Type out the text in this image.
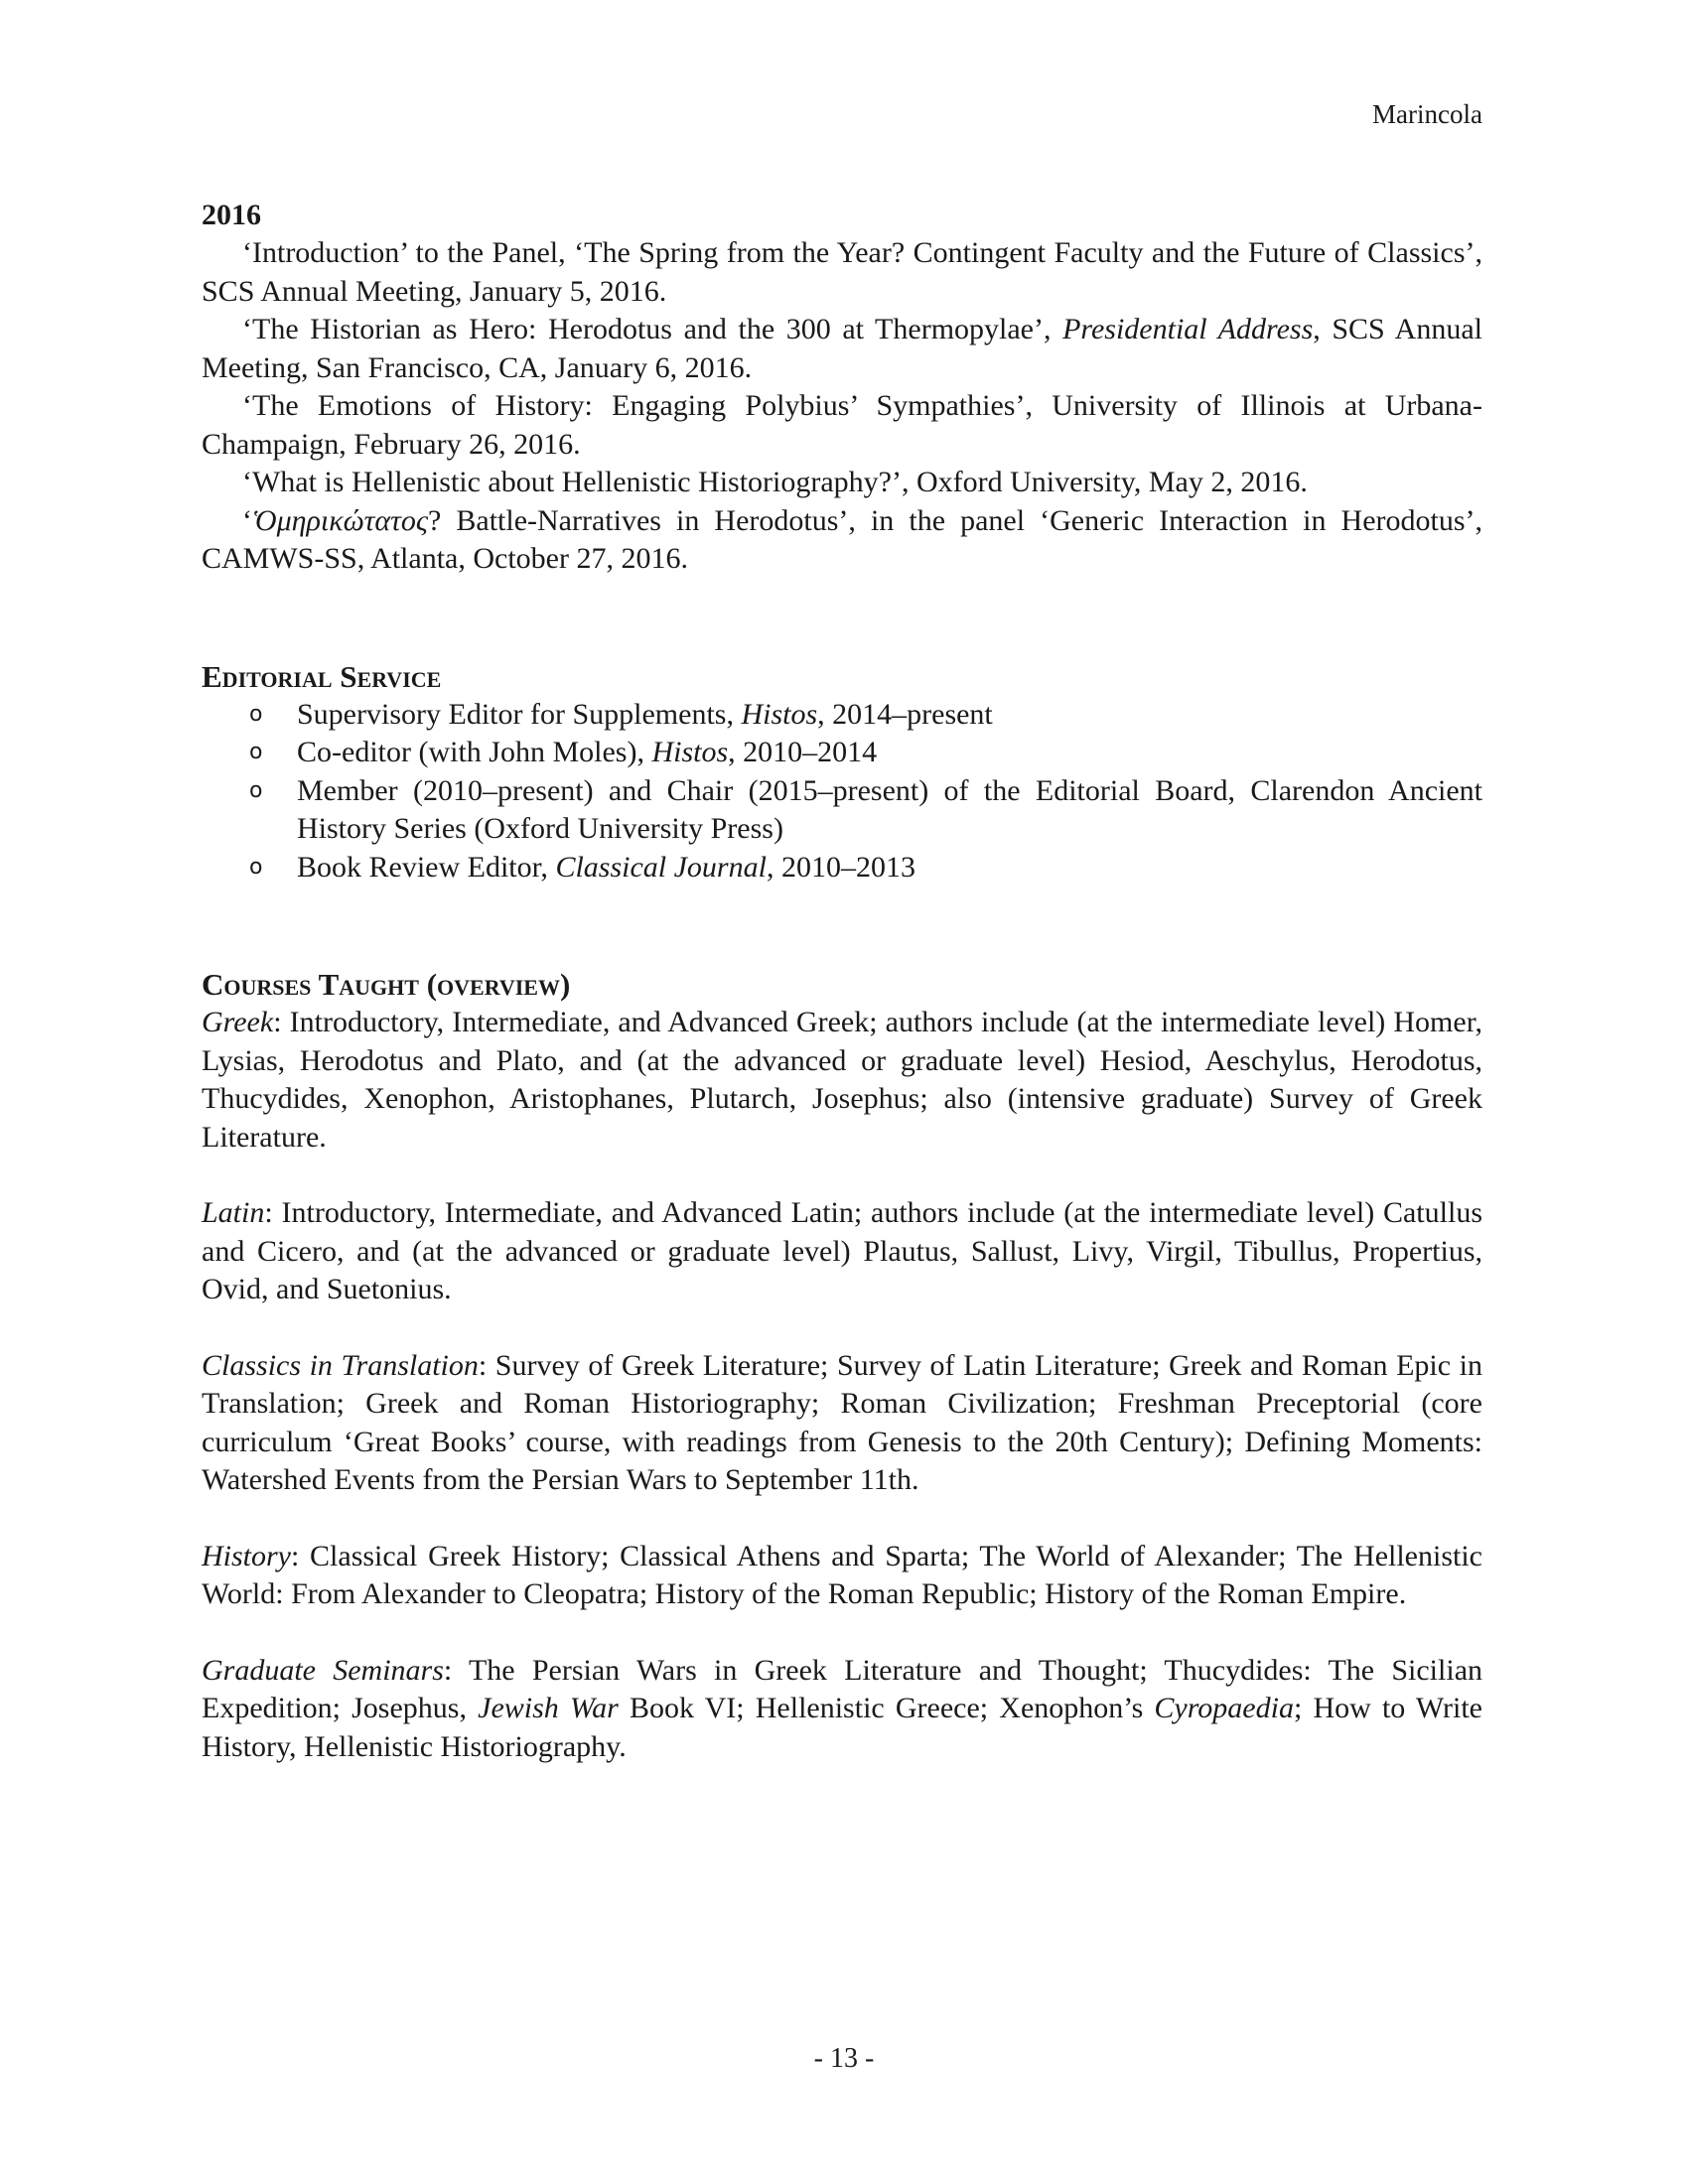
Marincola

2016

‘Introduction’ to the Panel, ‘The Spring from the Year? Contingent Faculty and the Future of Classics’, SCS Annual Meeting, January 5, 2016.

‘The Historian as Hero: Herodotus and the 300 at Thermopylae’, Presidential Address, SCS Annual Meeting, San Francisco, CA, January 6, 2016.

‘The Emotions of History: Engaging Polybius’ Sympathies’, University of Illinois at Urbana-Champaign, February 26, 2016.

‘What is Hellenistic about Hellenistic Historiography?’, Oxford University, May 2, 2016.

‘Ὁμηρικώτατος? Battle-Narratives in Herodotus’, in the panel ‘Generic Interaction in Herodotus’, CAMWS-SS, Atlanta, October 27, 2016.

Editorial Service

o Supervisory Editor for Supplements, Histos, 2014–present
o Co-editor (with John Moles), Histos, 2010–2014
o Member (2010–present) and Chair (2015–present) of the Editorial Board, Clarendon Ancient History Series (Oxford University Press)
o Book Review Editor, Classical Journal, 2010–2013

Courses Taught (overview)

Greek: Introductory, Intermediate, and Advanced Greek; authors include (at the intermediate level) Homer, Lysias, Herodotus and Plato, and (at the advanced or graduate level) Hesiod, Aeschylus, Herodotus, Thucydides, Xenophon, Aristophanes, Plutarch, Josephus; also (intensive graduate) Survey of Greek Literature.

Latin: Introductory, Intermediate, and Advanced Latin; authors include (at the intermediate level) Catullus and Cicero, and (at the advanced or graduate level) Plautus, Sallust, Livy, Virgil, Tibullus, Propertius, Ovid, and Suetonius.

Classics in Translation: Survey of Greek Literature; Survey of Latin Literature; Greek and Roman Epic in Translation; Greek and Roman Historiography; Roman Civilization; Freshman Preceptorial (core curriculum ‘Great Books’ course, with readings from Genesis to the 20th Century); Defining Moments: Watershed Events from the Persian Wars to September 11th.

History: Classical Greek History; Classical Athens and Sparta; The World of Alexander; The Hellenistic World: From Alexander to Cleopatra; History of the Roman Republic; History of the Roman Empire.

Graduate Seminars: The Persian Wars in Greek Literature and Thought; Thucydides: The Sicilian Expedition; Josephus, Jewish War Book VI; Hellenistic Greece; Xenophon’s Cyropaedia; How to Write History, Hellenistic Historiography.

- 13 -
